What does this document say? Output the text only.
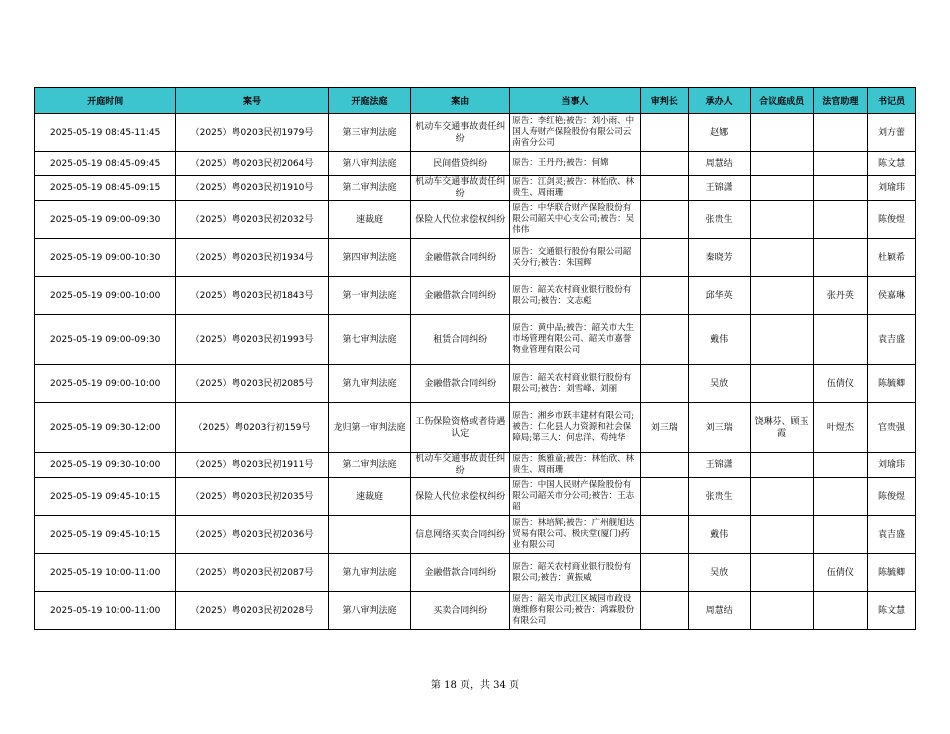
开庭时间	案号	开庭法庭	案由	当事人	审判长	承办人	合议庭成员	法官助理	书记员
2025-05-19 08:45-11:45	（2025）粤0203民初1979号	第三审判法庭	机动车交通事故责任纠纷	原告：李红艳;被告：刘小雨、中国人寿财产保险股份有限公司云南省分公司		赵娜			刘方蕾
2025-05-19 08:45-09:45	（2025）粤0203民初2064号	第八审判法庭	民间借贷纠纷	原告：王丹丹;被告：何嫦		周慧结			陈文慧
2025-05-19 08:45-09:15	（2025）粤0203民初1910号	第二审判法庭	机动车交通事故责任纠纷	原告：江剑灵;被告：林怡欣、林贵生、周雨珊		王锦潇			刘瑜玮
2025-05-19 09:00-09:30	（2025）粤0203民初2032号	速裁庭	保险人代位求偿权纠纷	原告：中华联合财产保险股份有限公司韶关中心支公司;被告：吴伟伟		张贵生			陈俊煜
2025-05-19 09:00-10:30	（2025）粤0203民初1934号	第四审判法庭	金融借款合同纠纷	原告：交通银行股份有限公司韶关分行;被告：朱国辉		秦晓芳			杜颖希
2025-05-19 09:00-10:00	（2025）粤0203民初1843号	第一审判法庭	金融借款合同纠纷	原告：韶关农村商业银行股份有限公司;被告：文志彪		邱华英		张丹英	侯嘉琳
2025-05-19 09:00-09:30	（2025）粤0203民初1993号	第七审判法庭	租赁合同纠纷	原告：黄中品;被告：韶关市大生市场管理有限公司、韶关市嘉誉物业管理有限公司		戴伟			袁吉盛
2025-05-19 09:00-10:00	（2025）粤0203民初2085号	第九审判法庭	金融借款合同纠纷	原告：韶关农村商业银行股份有限公司;被告：刘雪峰、刘丽		吴放		伍倩仪	陈毓卿
2025-05-19 09:30-12:00	（2025）粤0203行初159号	龙归第一审判法庭	工伤保险资格或者待遇认定	原告：湘乡市跃丰建材有限公司;被告：仁化县人力资源和社会保障局;第三人：何忠洋、苟纯华	刘三瑞	刘三瑞	饶琳芬、顾玉霞	叶煜杰	官贵强
2025-05-19 09:30-10:00	（2025）粤0203民初1911号	第二审判法庭	机动车交通事故责任纠纷	原告：熊雅童;被告：林怡欣、林贵生、周雨珊		王锦潇			刘瑜玮
2025-05-19 09:45-10:15	（2025）粤0203民初2035号	速裁庭	保险人代位求偿权纠纷	原告：中国人民财产保险股份有限公司韶关市分公司;被告：王志韶		张贵生			陈俊煜
2025-05-19 09:45-10:15	（2025）粤0203民初2036号		信息网络买卖合同纠纷	原告：林培辉;被告：广州舰旭达贸易有限公司、极庆堂(厦门)药业有限公司		戴伟			袁吉盛
2025-05-19 10:00-11:00	（2025）粤0203民初2087号	第九审判法庭	金融借款合同纠纷	原告：韶关农村商业银行股份有限公司;被告：黄振威		吴放		伍倩仪	陈毓卿
2025-05-19 10:00-11:00	（2025）粤0203民初2028号	第八审判法庭	买卖合同纠纷	原告：韶关市武江区城园市政设施维修有限公司;被告：鸿霖股份有限公司		周慧结			陈文慧
第 18 页，共 34 页
